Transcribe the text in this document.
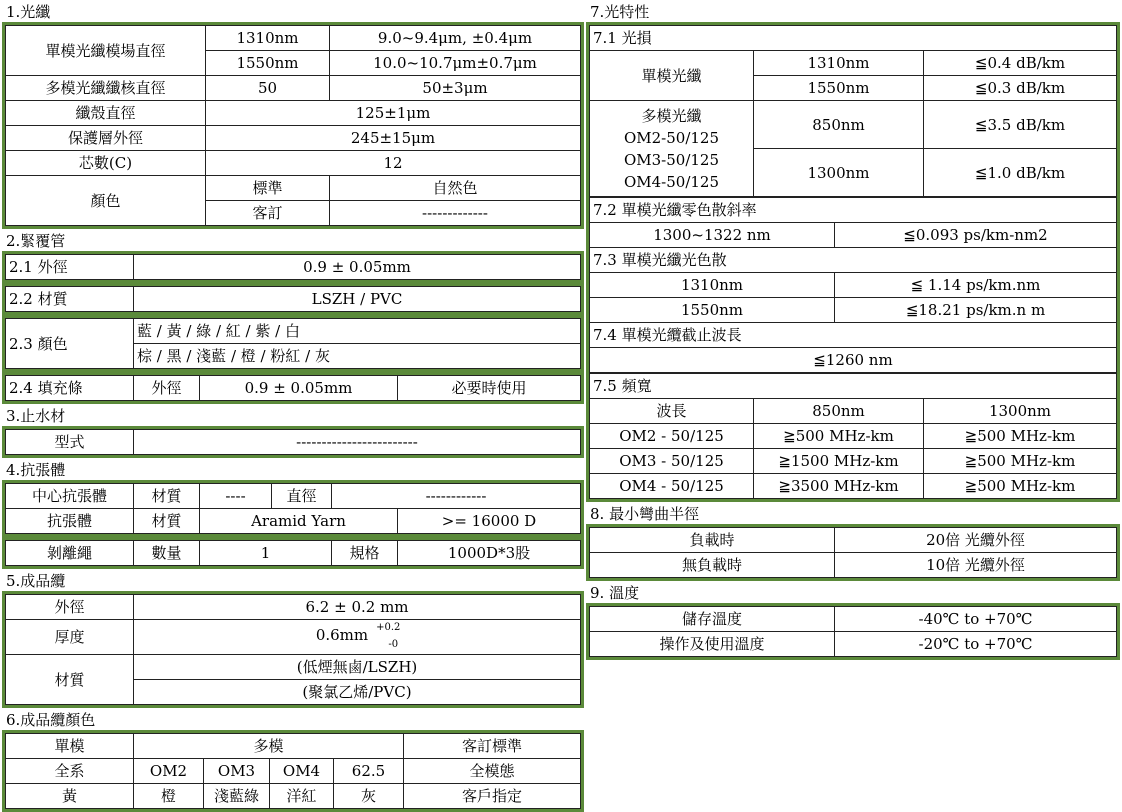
1.光纖
單模光纖模場直徑	1310nm	9.0~9.4μm, ±0.4μm
	1550nm	10.0~10.7μm±0.7μm
多模光纖纖核直徑	50	50±3μm
纖殼直徑	125±1μm	
保護層外徑	245±15μm	
芯數(C)	12	
顏色	標準	自然色
	客訂	-------------
2.緊覆管
2.1 外徑	0.9 ± 0.05mm
2.2 材質	LSZH / PVC
2.3 顏色	藍 / 黃 / 綠 / 紅 / 紫 / 白
棕 / 黑 / 淺藍 / 橙 / 粉紅 / 灰
2.4 填充條	外徑	0.9 ± 0.05mm	必要時使用
3.止水材
型式	------------------------
4.抗張體
中心抗張體	材質	----	直徑	------------	
抗張體	材質	Aramid Yarn			>= 16000 D
剝離繩	數量	1	規格	1000D*3股
5.成品纜
外徑	6.2 ± 0.2 mm
厚度	0.6mm $^{+0.2}_{-0}$
材質	(低煙無鹵/LSZH)
	(聚氯乙烯/PVC)
6.成品纜顏色
單模	多模				客訂標準
全系	OM2	OM3	OM4	62.5	全模態
黃	橙	淺藍綠	洋紅	灰	客戶指定
7.光特性
7.1 光損		
單模光纖	1310nm	≦0.4 dB/km
	1550nm	≦0.3 dB/km

多模光纖
OM2-50/125
OM3-50/125
OM4-50/125	850nm	≦3.5 dB/km
	1300nm	≦1.0 dB/km
7.2 單模光纖零色散斜率	
1300~1322 nm	≦0.093 ps/km-nm2
7.3 單模光纖光色散	
1310nm	≦ 1.14 ps/km.nm
1550nm	≦18.21 ps/km.n m
7.4 單模光纜截止波長	
≦1260 nm	
7.5 頻寬		
波長	850nm	1300nm
OM2 - 50/125	≧500 MHz-km	≧500 MHz-km
OM3 - 50/125	≧1500 MHz-km	≧500 MHz-km
OM4 - 50/125	≧3500 MHz-km	≧500 MHz-km
8. 最小彎曲半徑
負載時	20倍 光纜外徑
無負載時	10倍 光纜外徑
9. 溫度
儲存溫度	-40℃ to +70℃
操作及使用溫度	-20℃ to +70℃
